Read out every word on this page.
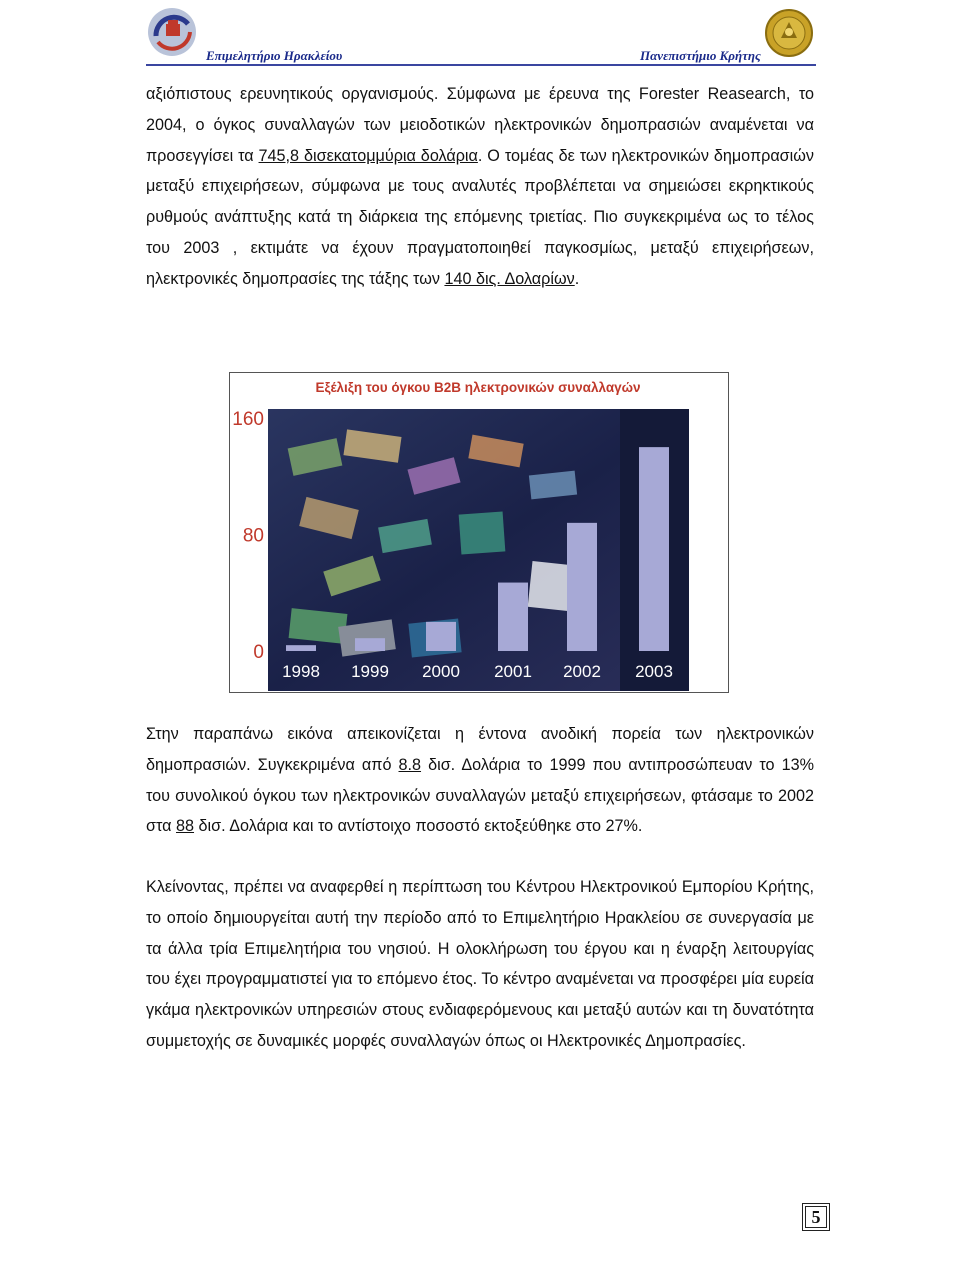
Επιμελητήριο Ηρακλείου	Πανεπιστήμιο Κρήτης

αξιόπιστους ερευνητικούς οργανισμούς. Σύμφωνα με έρευνα της Forester Reasearch, το 2004, ο όγκος συναλλαγών των μειοδοτικών ηλεκτρονικών δημοπρασιών αναμένεται να προσεγγίσει τα 745,8 δισεκατομμύρια δολάρια. Ο τομέας δε των ηλεκτρονικών δημοπρασιών μεταξύ επιχειρήσεων, σύμφωνα με τους αναλυτές προβλέπεται να σημειώσει εκρηκτικούς ρυθμούς ανάπτυξης κατά τη διάρκεια της επόμενης τριετίας. Πιο συγκεκριμένα ως το τέλος του 2003 , εκτιμάτε να έχουν πραγματοποιηθεί παγκοσμίως, μεταξύ επιχειρήσεων, ηλεκτρονικές δημοπρασίες της τάξης των 140 δις. Δολαρίων.

Εξέλιξη του όγκου Β2Β ηλεκτρονικών συναλλαγών
160
80
0
1998 1999 2000 2001 2002 2003

Στην παραπάνω εικόνα απεικονίζεται η έντονα ανοδική πορεία των ηλεκτρονικών δημοπρασιών. Συγκεκριμένα από 8.8 δισ. Δολάρια το 1999 που αντιπροσώπευαν το 13% του συνολικού όγκου των ηλεκτρονικών συναλλαγών μεταξύ επιχειρήσεων, φτάσαμε το 2002 στα 88 δισ. Δολάρια και το αντίστοιχο ποσοστό εκτοξεύθηκε στο 27%.

Κλείνοντας, πρέπει να αναφερθεί η περίπτωση του Κέντρου Ηλεκτρονικού Εμπορίου Κρήτης, το οποίο δημιουργείται αυτή την περίοδο από το Επιμελητήριο Ηρακλείου σε συνεργασία με τα άλλα τρία Επιμελητήρια του νησιού. Η ολοκλήρωση του έργου και η έναρξη λειτουργίας του έχει προγραμματιστεί για το επόμενο έτος. Το κέντρο αναμένεται να προσφέρει μία ευρεία γκάμα ηλεκτρονικών υπηρεσιών στους ενδιαφερόμενους και μεταξύ αυτών και τη δυνατότητα συμμετοχής σε δυναμικές μορφές συναλλαγών όπως οι Ηλεκτρονικές Δημοπρασίες.

5
